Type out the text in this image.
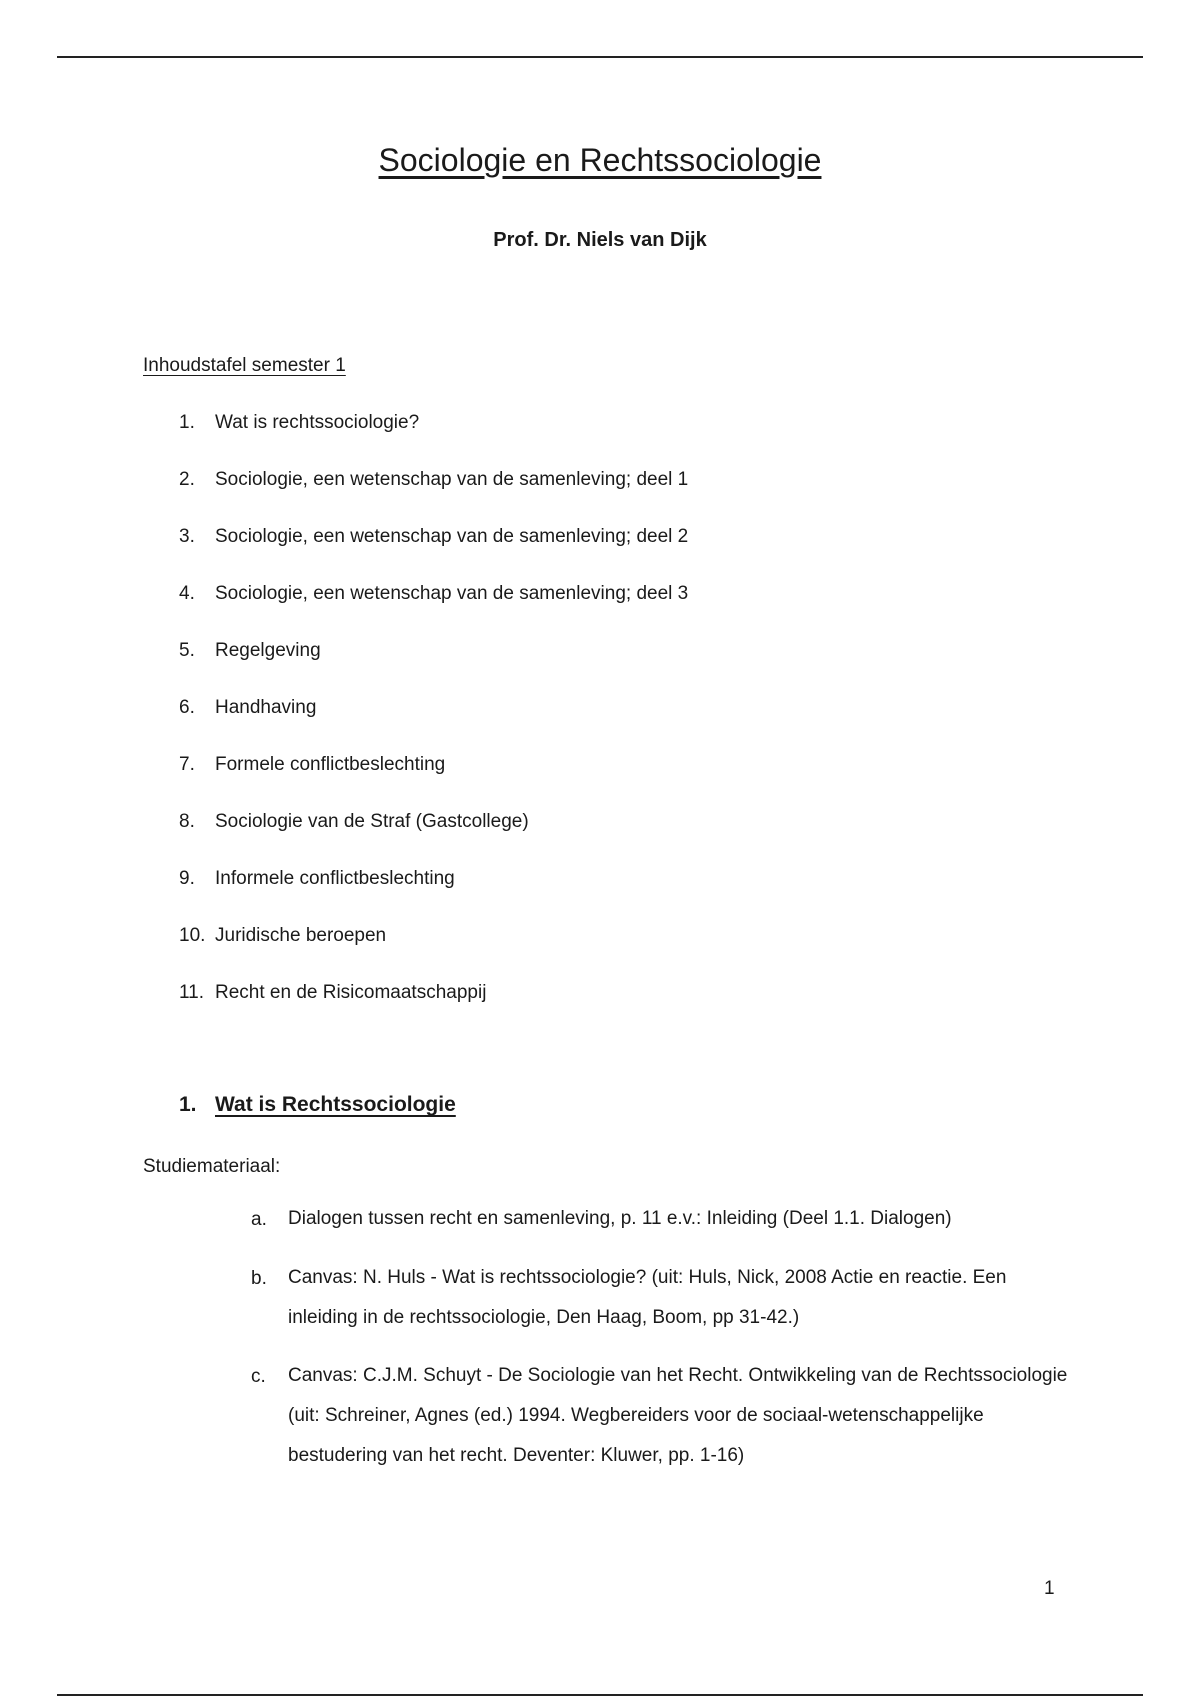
Sociologie en Rechtssociologie
Prof. Dr. Niels van Dijk
Inhoudstafel semester 1
1. Wat is rechtssociologie?
2. Sociologie, een wetenschap van de samenleving; deel 1
3. Sociologie, een wetenschap van de samenleving; deel 2
4. Sociologie, een wetenschap van de samenleving; deel 3
5. Regelgeving
6. Handhaving
7. Formele conflictbeslechting
8. Sociologie van de Straf (Gastcollege)
9. Informele conflictbeslechting
10. Juridische beroepen
11. Recht en de Risicomaatschappij
1. Wat is Rechtssociologie
Studiemateriaal:
a. Dialogen tussen recht en samenleving, p. 11 e.v.: Inleiding (Deel 1.1. Dialogen)
b. Canvas: N. Huls - Wat is rechtssociologie? (uit: Huls, Nick, 2008 Actie en reactie. Een inleiding in de rechtssociologie, Den Haag, Boom, pp 31-42.)
c. Canvas: C.J.M. Schuyt - De Sociologie van het Recht. Ontwikkeling van de Rechtssociologie (uit: Schreiner, Agnes (ed.) 1994. Wegbereiders voor de sociaal-wetenschappelijke bestudering van het recht. Deventer: Kluwer, pp. 1-16)
1
